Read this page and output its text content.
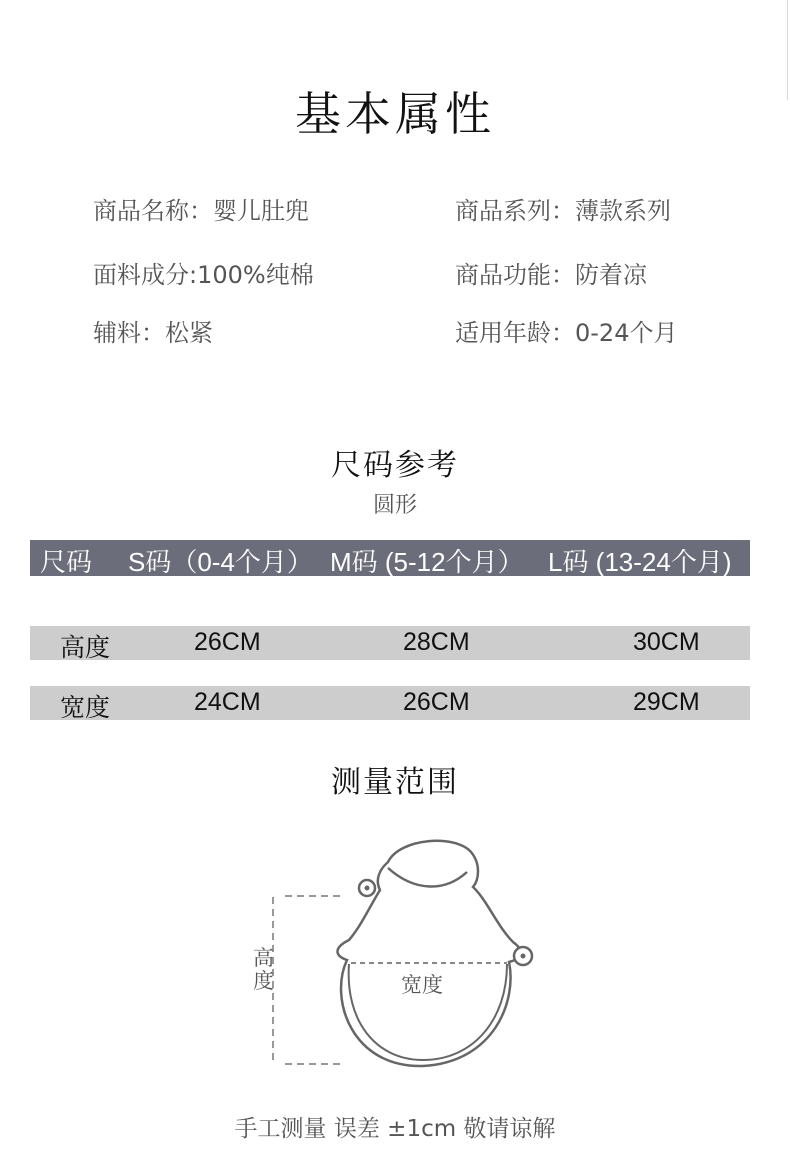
基本属性
商品名称：婴儿肚兜	商品系列：薄款系列
面料成分:100%纯棉	商品功能：防着凉
辅料：松紧	适用年龄：0-24个月
尺码参考
圆形
尺码 S码（0-4个月） M码 (5-12个月） L码 (13-24个月)
高度	26CM	28CM	30CM
宽度	24CM	26CM	29CM
测量范围
高
度	宽度
手工测量 误差 ±1cm 敬请谅解
